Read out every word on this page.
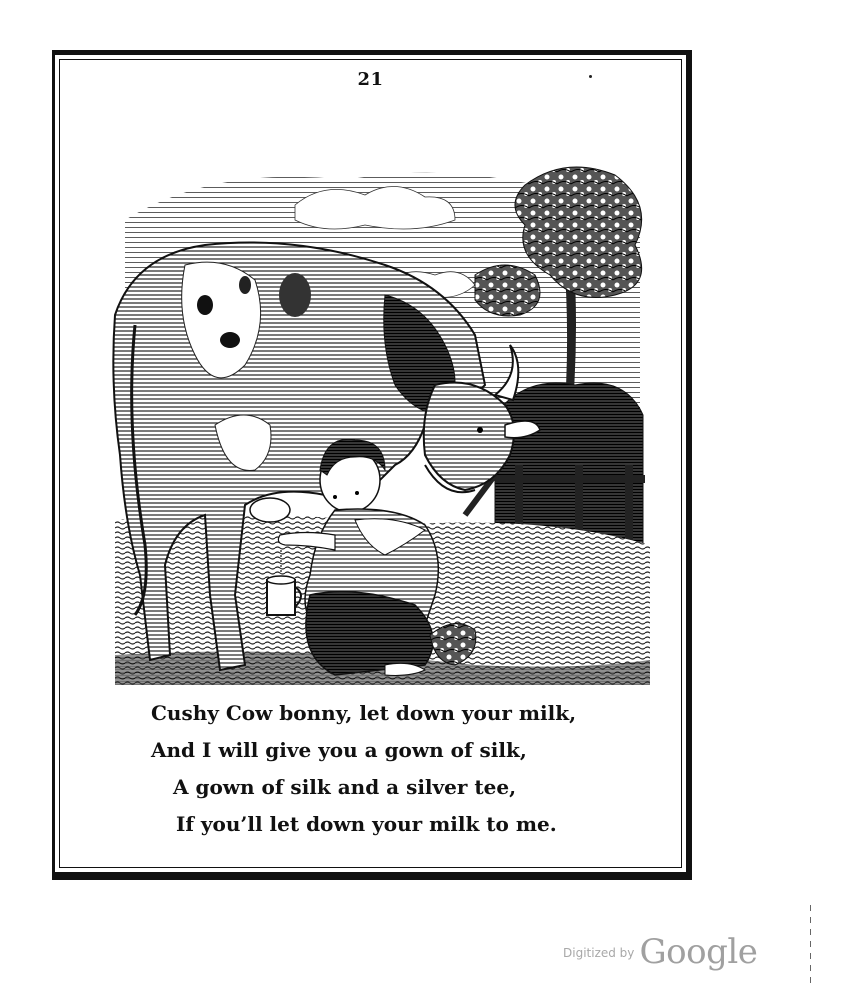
21
Cushy Cow bonny, let down your milk,
And I will give you a gown of silk,
A gown of silk and a silver tee,
If you’ll let down your milk to me.
$^{Digitized by}$ Google
